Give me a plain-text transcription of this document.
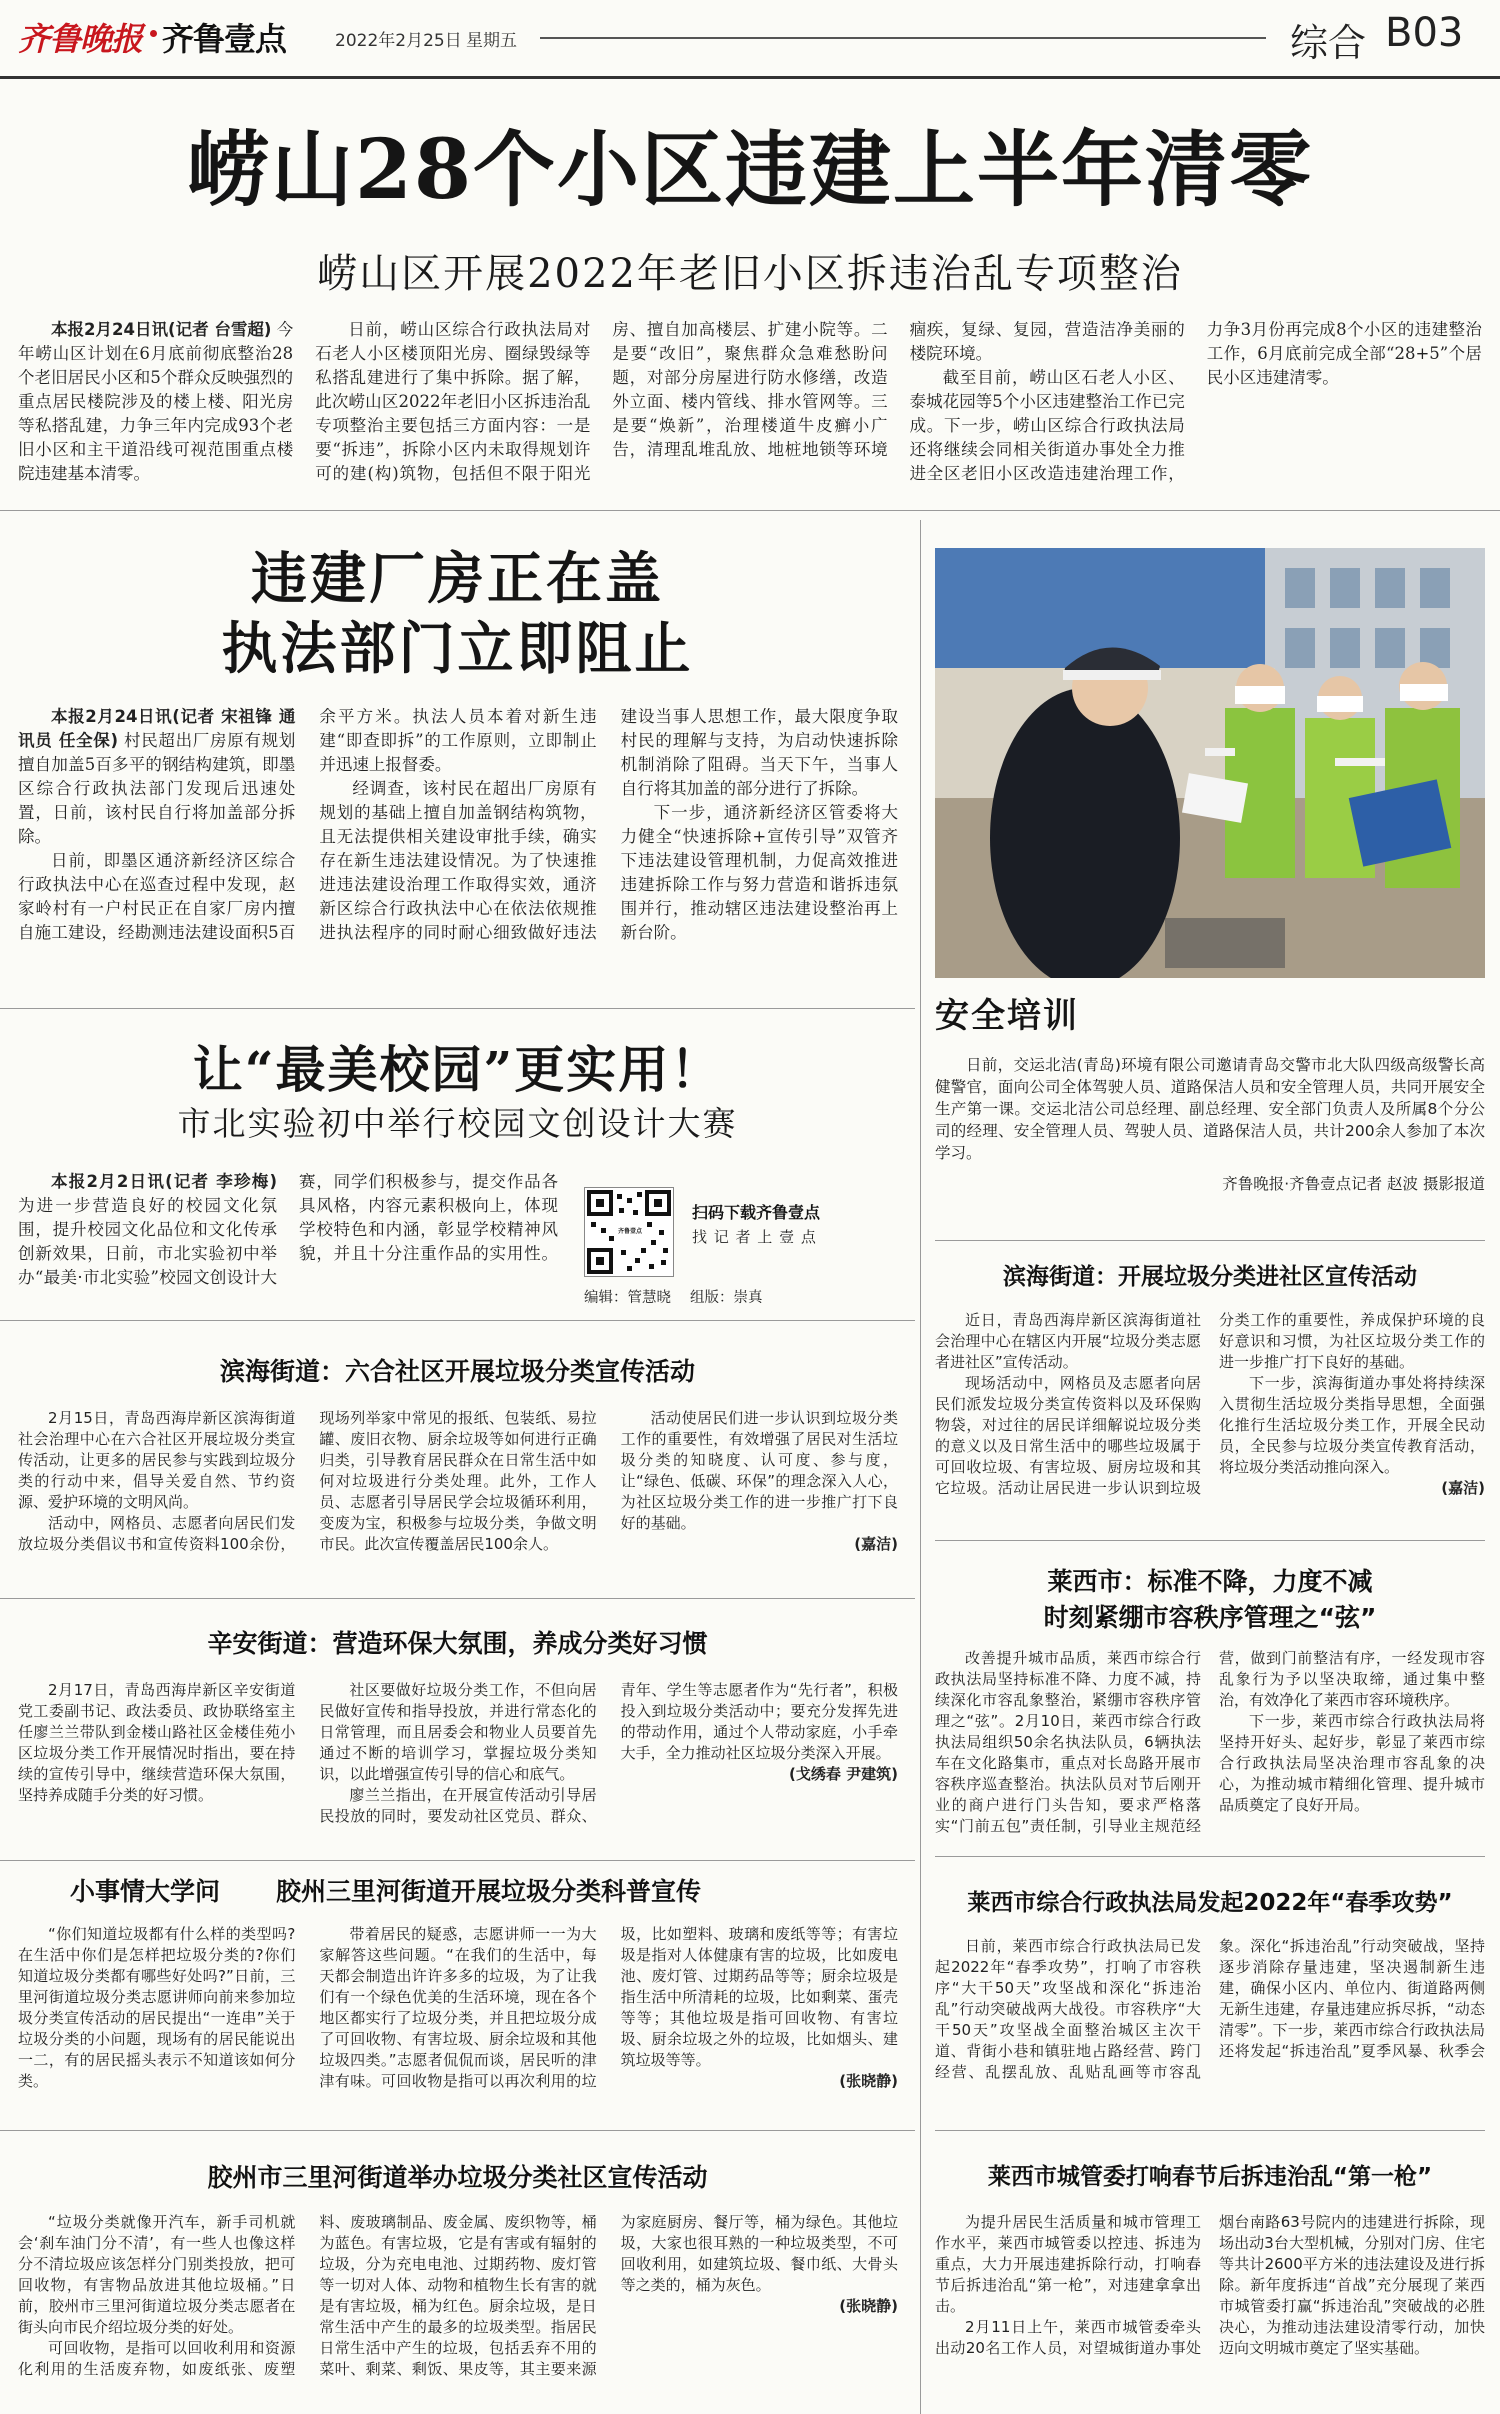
齐鲁晚报 齐鲁壹点	2022年2月25日 星期五	综合 B03
崂山28个小区违建上半年清零
崂山区开展2022年老旧小区拆违治乱专项整治

本报2月24日讯(记者 台雪超) 今年崂山区计划在6月底前彻底整治28个老旧居民小区和5个群众反映强烈的重点居民楼院涉及的楼上楼、阳光房等私搭乱建，力争三年内完成93个老旧小区和主干道沿线可视范围重点楼院违建基本清零。

日前，崂山区综合行政执法局对石老人小区楼顶阳光房、圈绿毁绿等私搭乱建进行了集中拆除。据了解，此次崂山区2022年老旧小区拆违治乱专项整治主要包括三方面内容：一是要“拆违”，拆除小区内未取得规划许可的建(构)筑物，包括但不限于阳光房、擅自加高楼层、扩建小院等。二是要“改旧”，聚焦群众急难愁盼问题，对部分房屋进行防水修缮，改造外立面、楼内管线、排水管网等。三是要“焕新”，治理楼道牛皮癣小广告，清理乱堆乱放、地桩地锁等环境痼疾，复绿、复园，营造洁净美丽的楼院环境。

截至目前，崂山区石老人小区、泰城花园等5个小区违建整治工作已完成。下一步，崂山区综合行政执法局还将继续会同相关街道办事处全力推进全区老旧小区改造违建治理工作，力争3月份再完成8个小区的违建整治工作，6月底前完成全部“28+5”个居民小区违建清零。

违建厂房正在盖
执法部门立即阻止

本报2月24日讯(记者 宋祖锋 通讯员 任全保) 村民超出厂房原有规划擅自加盖5百多平的钢结构建筑，即墨区综合行政执法部门发现后迅速处置，日前，该村民自行将加盖部分拆除。

日前，即墨区通济新经济区综合行政执法中心在巡查过程中发现，赵家岭村有一户村民正在自家厂房内擅自施工建设，经勘测违法建设面积5百余平方米。执法人员本着对新生违建“即查即拆”的工作原则，立即制止并迅速上报督委。

经调查，该村民在超出厂房原有规划的基础上擅自加盖钢结构筑物，且无法提供相关建设审批手续，确实存在新生违法建设情况。为了快速推进违法建设治理工作取得实效，通济新区综合行政执法中心在依法依规推进执法程序的同时耐心细致做好违法建设当事人思想工作，最大限度争取村民的理解与支持，为启动快速拆除机制消除了阻碍。当天下午，当事人自行将其加盖的部分进行了拆除。

下一步，通济新经济区管委将大力健全“快速拆除+宣传引导”双管齐下违法建设管理机制，力促高效推进违建拆除工作与努力营造和谐拆违氛围并行，推动辖区违法建设整治再上新台阶。

安全培训

日前，交运北洁(青岛)环境有限公司邀请青岛交警市北大队四级高级警长高健警官，面向公司全体驾驶人员、道路保洁人员和安全管理人员，共同开展安全生产第一课。交运北洁公司总经理、副总经理、安全部门负责人及所属8个分公司的经理、安全管理人员、驾驶人员、道路保洁人员，共计200余人参加了本次学习。

齐鲁晚报·齐鲁壹点记者 赵波 摄影报道
让“最美校园”更实用！
市北实验初中举行校园文创设计大赛

本报2月2日讯(记者 李珍梅) 为进一步营造良好的校园文化氛围，提升校园文化品位和文化传承创新效果，日前，市北实验初中举办“最美·市北实验”校园文创设计大赛，同学们积极参与，提交作品各具风格，内容元素积极向上，体现学校特色和内涵，彰显学校精神风貌，并且十分注重作品的实用性。

齐鲁壹点
扫码下载齐鲁壹点
找 记 者 上 壹 点
编辑：管慧晓 组版：崇真
滨海街道：六合社区开展垃圾分类宣传活动

2月15日，青岛西海岸新区滨海街道社会治理中心在六合社区开展垃圾分类宣传活动，让更多的居民参与实践到垃圾分类的行动中来，倡导关爱自然、节约资源、爱护环境的文明风尚。

活动中，网格员、志愿者向居民们发放垃圾分类倡议书和宣传资料100余份，现场列举家中常见的报纸、包装纸、易拉罐、废旧衣物、厨余垃圾等如何进行正确归类，引导教育居民群众在日常生活中如何对垃圾进行分类处理。此外，工作人员、志愿者引导居民学会垃圾循环利用，变废为宝，积极参与垃圾分类，争做文明市民。此次宣传覆盖居民100余人。

活动使居民们进一步认识到垃圾分类工作的重要性，有效增强了居民对生活垃圾分类的知晓度、认可度、参与度，让“绿色、低碳、环保”的理念深入人心，为社区垃圾分类工作的进一步推广打下良好的基础。

(嘉洁)

辛安街道：营造环保大氛围，养成分类好习惯

2月17日，青岛西海岸新区辛安街道党工委副书记、政法委员、政协联络室主任廖兰兰带队到金楼山路社区金楼佳苑小区垃圾分类工作开展情况时指出，要在持续的宣传引导中，继续营造环保大氛围，坚持养成随手分类的好习惯。

社区要做好垃圾分类工作，不但向居民做好宣传和指导投放，并进行常态化的日常管理，而且居委会和物业人员要首先通过不断的培训学习，掌握垃圾分类知识，以此增强宣传引导的信心和底气。

廖兰兰指出，在开展宣传活动引导居民投放的同时，要发动社区党员、群众、青年、学生等志愿者作为“先行者”，积极投入到垃圾分类活动中；要充分发挥先进的带动作用，通过个人带动家庭，小手牵大手，全力推动社区垃圾分类深入开展。

(戈绣春 尹建筑)

小事情大学问 胶州三里河街道开展垃圾分类科普宣传

“你们知道垃圾都有什么样的类型吗?在生活中你们是怎样把垃圾分类的?你们知道垃圾分类都有哪些好处吗?”日前，三里河街道垃圾分类志愿讲师向前来参加垃圾分类宣传活动的居民提出“一连串”关于垃圾分类的小问题，现场有的居民能说出一二，有的居民摇头表示不知道该如何分类。

带着居民的疑惑，志愿讲师一一为大家解答这些问题。“在我们的生活中，每天都会制造出许许多多的垃圾，为了让我们有一个绿色优美的生活环境，现在各个地区都实行了垃圾分类，并且把垃圾分成了可回收物、有害垃圾、厨余垃圾和其他垃圾四类。”志愿者侃侃而谈，居民听的津津有味。可回收物是指可以再次利用的垃圾，比如塑料、玻璃和废纸等等；有害垃圾是指对人体健康有害的垃圾，比如废电池、废灯管、过期药品等等；厨余垃圾是指生活中所清耗的垃圾，比如剩菜、蛋壳等等；其他垃圾是指可回收物、有害垃圾、厨余垃圾之外的垃圾，比如烟头、建筑垃圾等等。

(张晓静)

胶州市三里河街道举办垃圾分类社区宣传活动

“垃圾分类就像开汽车，新手司机就会‘刹车油门分不清’，有一些人也像这样分不清垃圾应该怎样分门别类投放，把可回收物，有害物品放进其他垃圾桶。”日前，胶州市三里河街道垃圾分类志愿者在街头向市民介绍垃圾分类的好处。

可回收物，是指可以回收利用和资源化利用的生活废弃物，如废纸张、废塑料、废玻璃制品、废金属、废织物等，桶为蓝色。有害垃圾，它是有害或有辐射的垃圾，分为充电电池、过期药物、废灯管等一切对人体、动物和植物生长有害的就是有害垃圾，桶为红色。厨余垃圾，是日常生活中产生的最多的垃圾类型。指居民日常生活中产生的垃圾，包括丢弃不用的菜叶、剩菜、剩饭、果皮等，其主要来源为家庭厨房、餐厅等，桶为绿色。其他垃圾，大家也很耳熟的一种垃圾类型，不可回收利用，如建筑垃圾、餐巾纸、大骨头等之类的，桶为灰色。

(张晓静)

滨海街道：开展垃圾分类进社区宣传活动

近日，青岛西海岸新区滨海街道社会治理中心在辖区内开展“垃圾分类志愿者进社区”宣传活动。

现场活动中，网格员及志愿者向居民们派发垃圾分类宣传资料以及环保购物袋，对过往的居民详细解说垃圾分类的意义以及日常生活中的哪些垃圾属于可回收垃圾、有害垃圾、厨房垃圾和其它垃圾。活动让居民进一步认识到垃圾分类工作的重要性，养成保护环境的良好意识和习惯，为社区垃圾分类工作的进一步推广打下良好的基础。

下一步，滨海街道办事处将持续深入贯彻生活垃圾分类指导思想，全面强化推行生活垃圾分类工作，开展全民动员，全民参与垃圾分类宣传教育活动，将垃圾分类活动推向深入。

(嘉洁)

莱西市：标准不降，力度不减
时刻紧绷市容秩序管理之“弦”

改善提升城市品质，莱西市综合行政执法局坚持标准不降、力度不减，持续深化市容乱象整治，紧绷市容秩序管理之“弦”。2月10日，莱西市综合行政执法局组织50余名执法队员，6辆执法车在文化路集市，重点对长岛路开展市容秩序巡查整治。执法队员对节后刚开业的商户进行门头告知，要求严格落实“门前五包”责任制，引导业主规范经营，做到门前整洁有序，一经发现市容乱象行为予以坚决取缔，通过集中整治，有效净化了莱西市容环境秩序。

下一步，莱西市综合行政执法局将坚持开好头、起好步，彰显了莱西市综合行政执法局坚决治理市容乱象的决心，为推动城市精细化管理、提升城市品质奠定了良好开局。

莱西市综合行政执法局发起2022年“春季攻势”

日前，莱西市综合行政执法局已发起2022年“春季攻势”，打响了市容秩序“大干50天”攻坚战和深化“拆违治乱”行动突破战两大战役。市容秩序“大干50天”攻坚战全面整治城区主次干道、背街小巷和镇驻地占路经营、跨门经营、乱摆乱放、乱贴乱画等市容乱象。深化“拆违治乱”行动突破战，坚持逐步消除存量违建，坚决遏制新生违建，确保小区内、单位内、街道路两侧无新生违建，存量违建应拆尽拆，“动态清零”。下一步，莱西市综合行政执法局还将发起“拆违治乱”夏季风暴、秋季会

莱西市城管委打响春节后拆违治乱“第一枪”

为提升居民生活质量和城市管理工作水平，莱西市城管委以控违、拆违为重点，大力开展违建拆除行动，打响春节后拆违治乱“第一枪”，对违建拿拿出击。

2月11日上午，莱西市城管委牵头出动20名工作人员，对望城街道办事处烟台南路63号院内的违建进行拆除，现场出动3台大型机械，分别对门房、住宅等共计2600平方米的违法建设及进行拆除。新年度拆违“首战”充分展现了莱西市城管委打赢“拆违治乱”突破战的必胜决心，为推动违法建设清零行动，加快迈向文明城市奠定了坚实基础。
